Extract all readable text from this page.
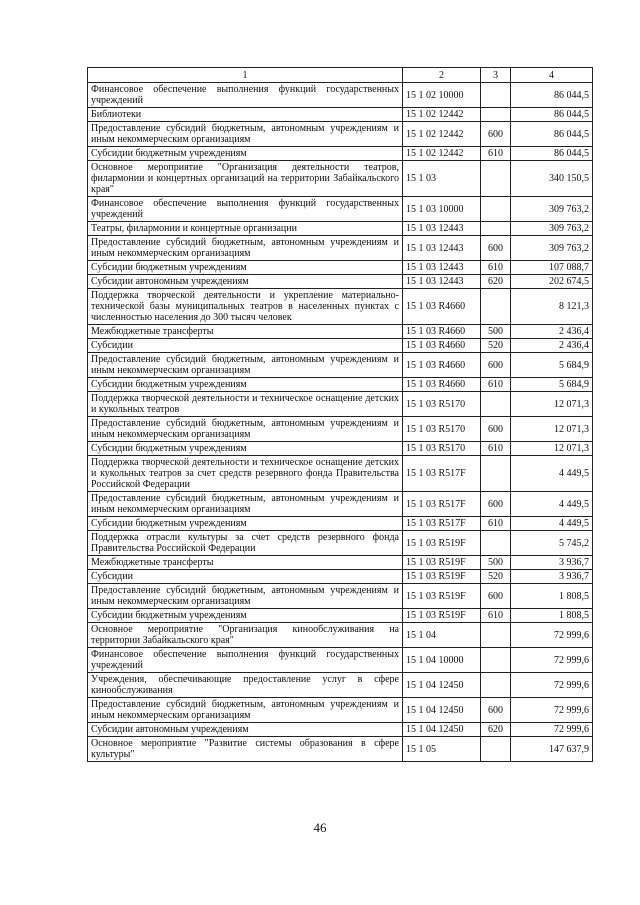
1	2	3	4
Финансовое обеспечение выполнения функций государственных учреждений	15 1 02 10000		86 044,5
Библиотеки	15 1 02 12442		86 044,5
Предоставление субсидий бюджетным, автономным учреждениям и иным некоммерческим организациям	15 1 02 12442	600	86 044,5
Субсидии бюджетным учреждениям	15 1 02 12442	610	86 044,5
Основное мероприятие "Организация деятельности театров, филармонии и концертных организаций на территории Забайкальского края"	15 1 03		340 150,5
Финансовое обеспечение выполнения функций государственных учреждений	15 1 03 10000		309 763,2
Театры, филармонии и концертные организации	15 1 03 12443		309 763,2
Предоставление субсидий бюджетным, автономным учреждениям и иным некоммерческим организациям	15 1 03 12443	600	309 763,2
Субсидии бюджетным учреждениям	15 1 03 12443	610	107 088,7
Субсидии автономным учреждениям	15 1 03 12443	620	202 674,5
Поддержка творческой деятельности и укрепление материально-технической базы муниципальных театров в населенных пунктах с численностью населения до 300 тысяч человек	15 1 03 R4660		8 121,3
Межбюджетные трансферты	15 1 03 R4660	500	2 436,4
Субсидии	15 1 03 R4660	520	2 436,4
Предоставление субсидий бюджетным, автономным учреждениям и иным некоммерческим организациям	15 1 03 R4660	600	5 684,9
Субсидии бюджетным учреждениям	15 1 03 R4660	610	5 684,9
Поддержка творческой деятельности и техническое оснащение детских и кукольных театров	15 1 03 R5170		12 071,3
Предоставление субсидий бюджетным, автономным учреждениям и иным некоммерческим организациям	15 1 03 R5170	600	12 071,3
Субсидии бюджетным учреждениям	15 1 03 R5170	610	12 071,3
Поддержка творческой деятельности и техническое оснащение детских и кукольных театров за счет средств резервного фонда Правительства Российской Федерации	15 1 03 R517F		4 449,5
Предоставление субсидий бюджетным, автономным учреждениям и иным некоммерческим организациям	15 1 03 R517F	600	4 449,5
Субсидии бюджетным учреждениям	15 1 03 R517F	610	4 449,5
Поддержка отрасли культуры за счет средств резервного фонда Правительства Российской Федерации	15 1 03 R519F		5 745,2
Межбюджетные трансферты	15 1 03 R519F	500	3 936,7
Субсидии	15 1 03 R519F	520	3 936,7
Предоставление субсидий бюджетным, автономным учреждениям и иным некоммерческим организациям	15 1 03 R519F	600	1 808,5
Субсидии бюджетным учреждениям	15 1 03 R519F	610	1 808,5
Основное мероприятие "Организация кинообслуживания на территории Забайкальского края"	15 1 04		72 999,6
Финансовое обеспечение выполнения функций государственных учреждений	15 1 04 10000		72 999,6
Учреждения, обеспечивающие предоставление услуг в сфере кинообслуживания	15 1 04 12450		72 999,6
Предоставление субсидий бюджетным, автономным учреждениям и иным некоммерческим организациям	15 1 04 12450	600	72 999,6
Субсидии автономным учреждениям	15 1 04 12450	620	72 999,6
Основное мероприятие "Развитие системы образования в сфере культуры"	15 1 05		147 637,9
46
